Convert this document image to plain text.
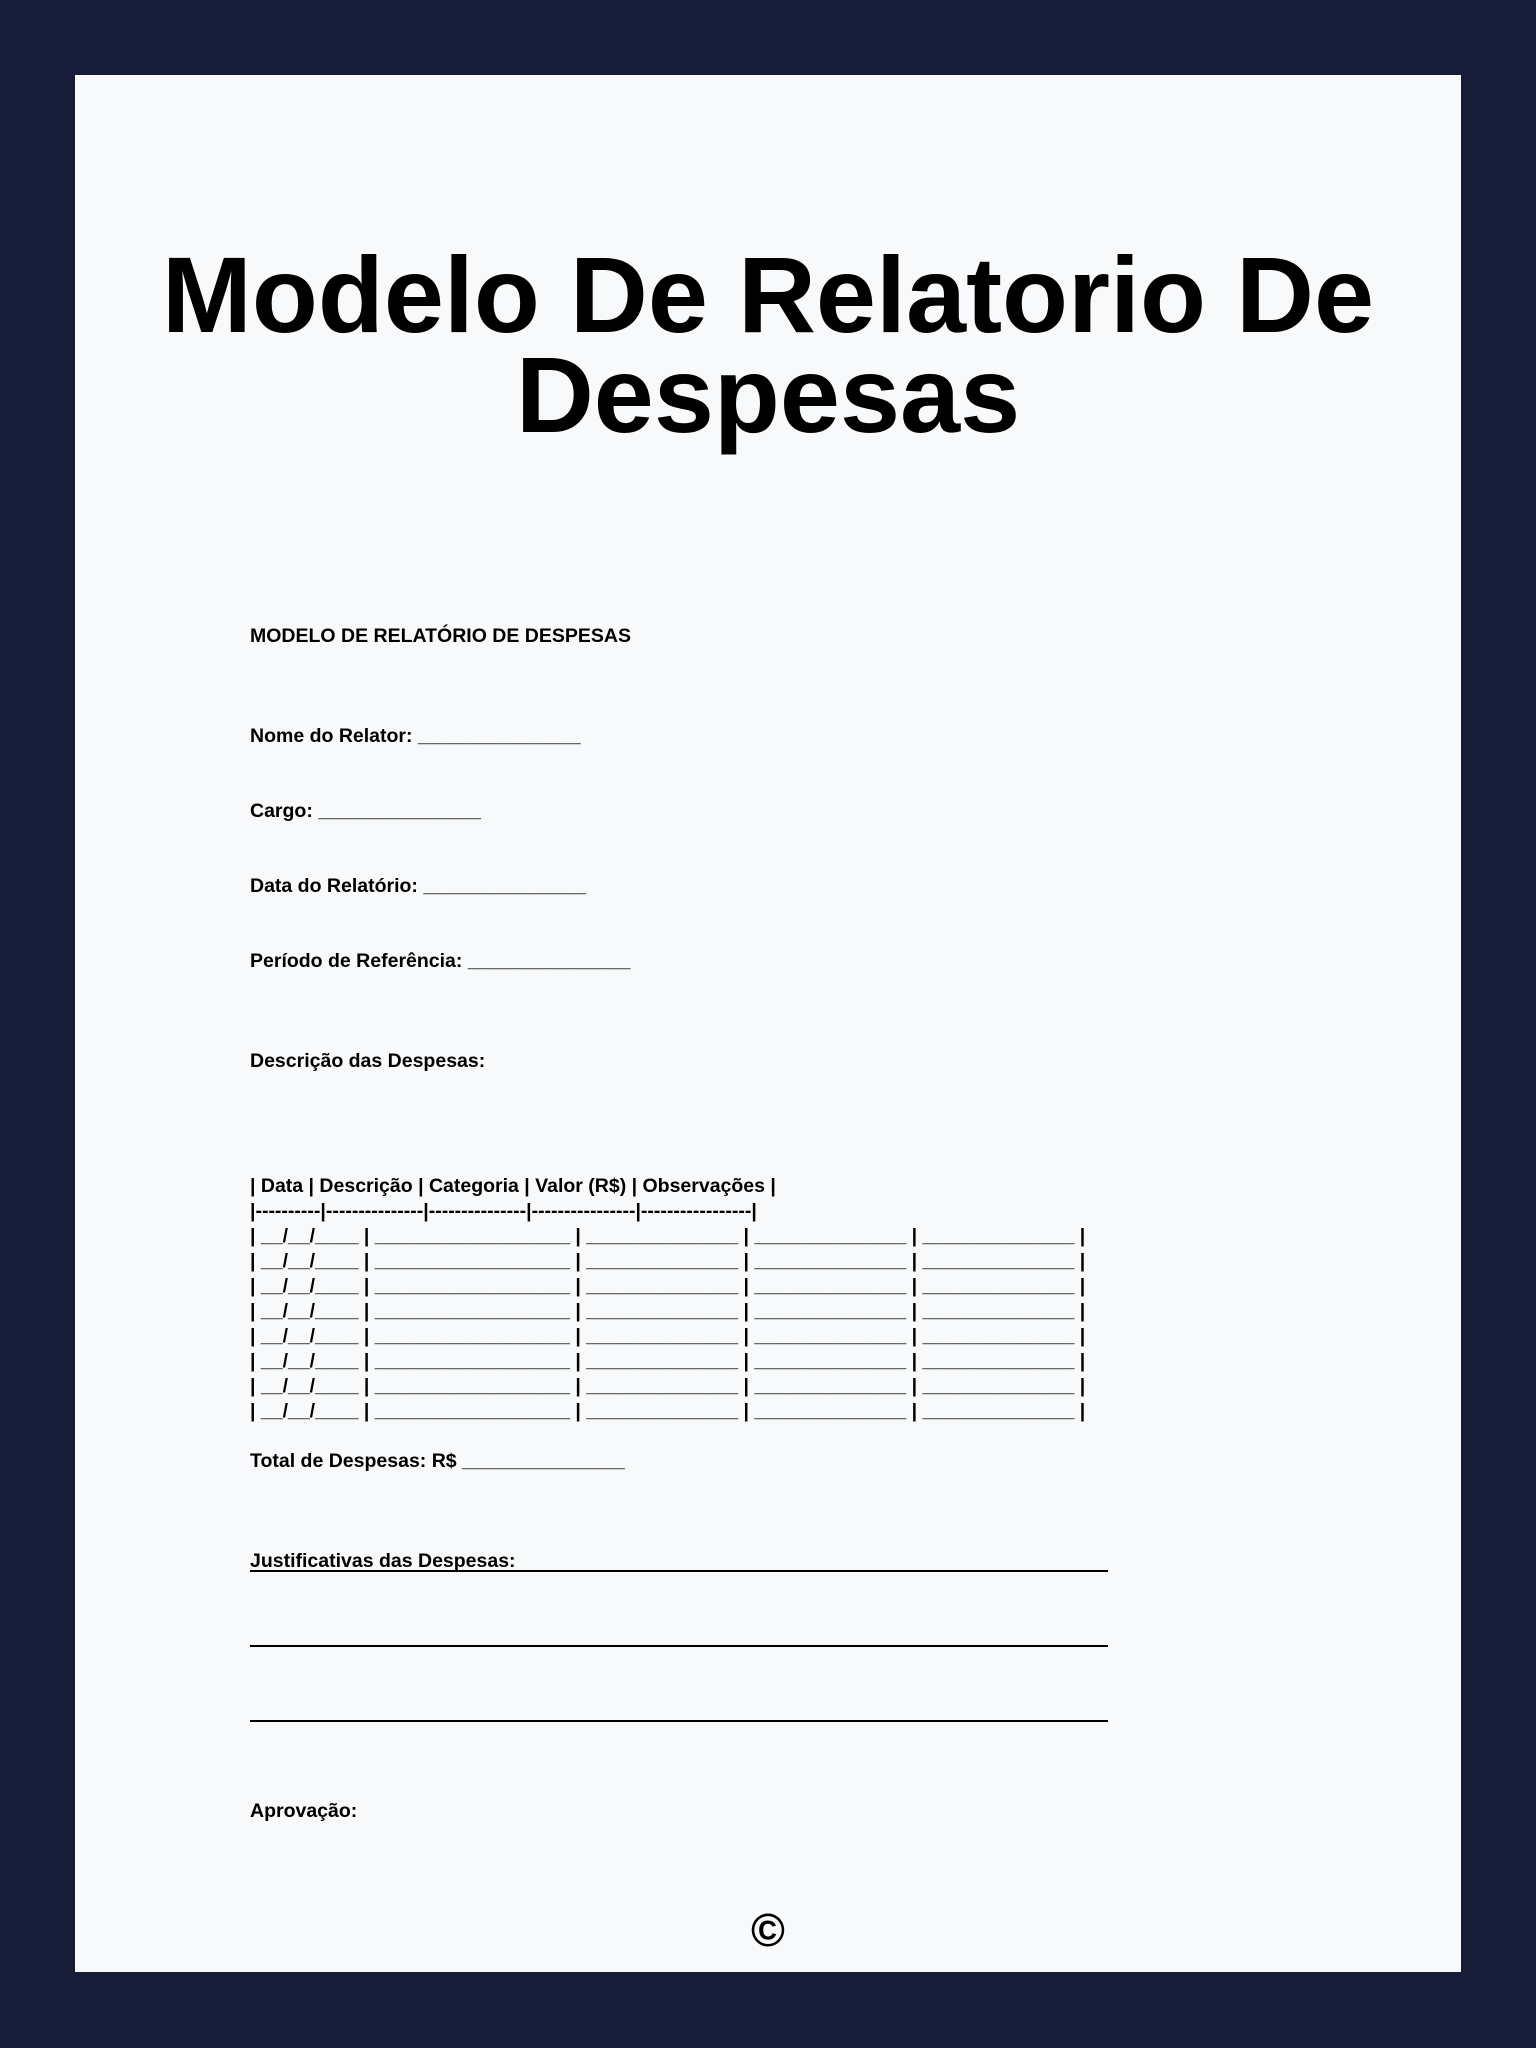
Modelo De Relatorio De Despesas

MODELO DE RELATÓRIO DE DESPESAS

Nome do Relator: _______________

Cargo: _______________

Data do Relatório: _______________

Período de Referência: _______________

Descrição das Despesas:

| Data | Descrição | Categoria | Valor (R$) | Observações |

|----------|---------------|---------------|----------------|-----------------|

| __/__/____ | __________________ | ______________ | ______________ | ______________ |

| __/__/____ | __________________ | ______________ | ______________ | ______________ |

| __/__/____ | __________________ | ______________ | ______________ | ______________ |

| __/__/____ | __________________ | ______________ | ______________ | ______________ |

| __/__/____ | __________________ | ______________ | ______________ | ______________ |

| __/__/____ | __________________ | ______________ | ______________ | ______________ |

| __/__/____ | __________________ | ______________ | ______________ | ______________ |

| __/__/____ | __________________ | ______________ | ______________ | ______________ |

Total de Despesas: R$ _______________

Justificativas das Despesas:

Aprovação:

©
